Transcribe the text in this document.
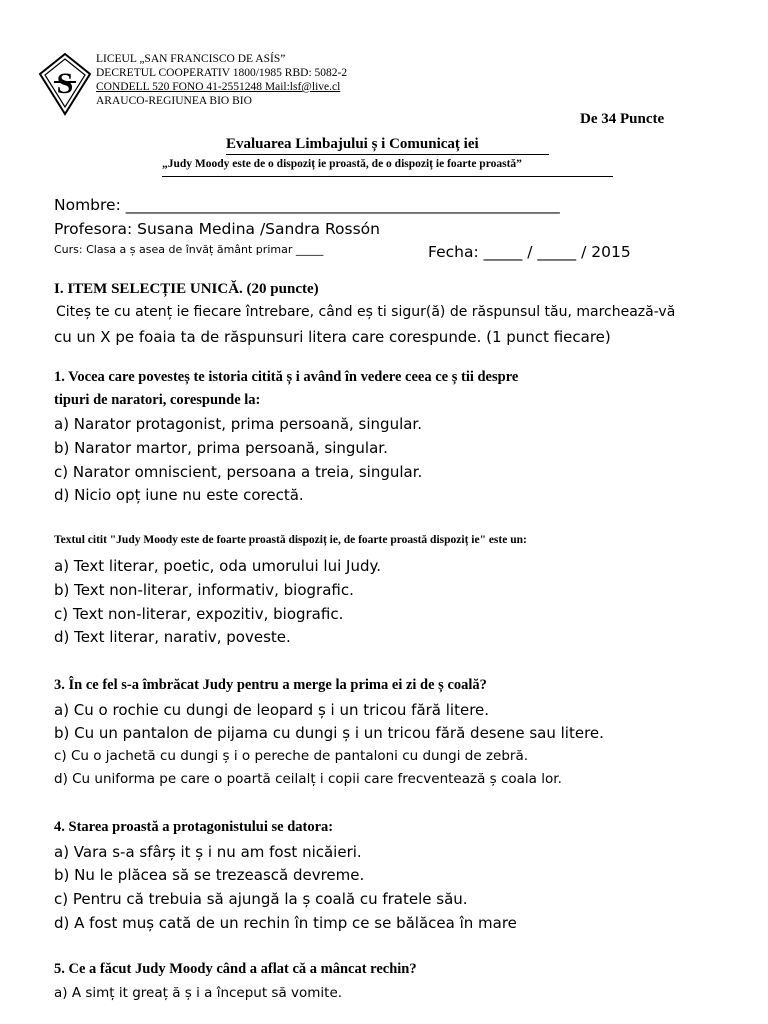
S
LICEUL „SAN FRANCISCO DE ASÍS”
DECRETUL COOPERATIV 1800/1985 RBD: 5082-2
CONDELL 520 FONO 41-2551248 Mail:lsf@live.cl
ARAUCO-REGIUNEA BIO BIO
De 34 Puncte
Evaluarea Limbajului ș i Comunicaț iei
„Judy Moody este de o dispoziț ie proastă, de o dispoziț ie foarte proastă”
Nombre: ________________________________________________________
Profesora: Susana Medina /Sandra Rossón
Curs: Clasa a ș asea de învăț ământ primar _____	Fecha: _____ / _____ / 2015
I. ITEM SELECȚIE UNICĂ. (20 puncte)
Citeș te cu atenț ie fiecare întrebare, când eș ti sigur(ă) de răspunsul tău, marchează-vă
cu un X pe foaia ta de răspunsuri litera care corespunde. (1 punct fiecare)
1. Vocea care povesteș te istoria citită ș i având în vedere ceea ce ș tii despre
tipuri de naratori, corespunde la:
a) Narator protagonist, prima persoană, singular.
b) Narator martor, prima persoană, singular.
c) Narator omniscient, persoana a treia, singular.
d) Nicio opț iune nu este corectă.
Textul citit "Judy Moody este de foarte proastă dispoziț ie, de foarte proastă dispoziț ie" este un:
a) Text literar, poetic, oda umorului lui Judy.
b) Text non-literar, informativ, biografic.
c) Text non-literar, expozitiv, biografic.
d) Text literar, narativ, poveste.
3. În ce fel s-a îmbrăcat Judy pentru a merge la prima ei zi de ș coală?
a) Cu o rochie cu dungi de leopard ș i un tricou fără litere.
b) Cu un pantalon de pijama cu dungi ș i un tricou fără desene sau litere.
c) Cu o jachetă cu dungi ș i o pereche de pantaloni cu dungi de zebră.
d) Cu uniforma pe care o poartă ceilalț i copii care frecventează ș coala lor.
4. Starea proastă a protagonistului se datora:
a) Vara s-a sfârș it ș i nu am fost nicăieri.
b) Nu le plăcea să se trezească devreme.
c) Pentru că trebuia să ajungă la ș coală cu fratele său.
d) A fost muș cată de un rechin în timp ce se bălăcea în mare
5. Ce a făcut Judy Moody când a aflat că a mâncat rechin?
a) A simț it greaț ă ș i a început să vomite.
